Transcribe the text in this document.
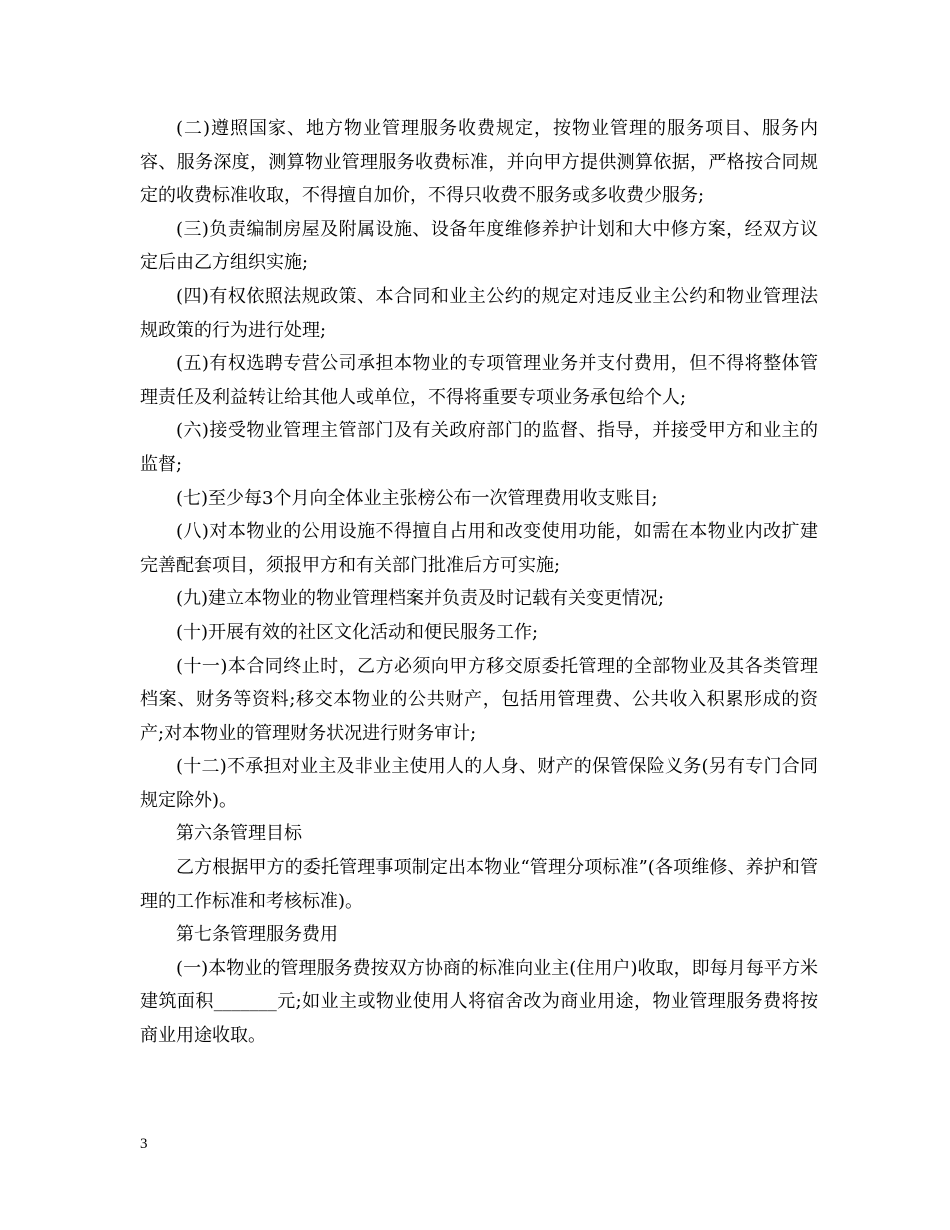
(二)遵照国家、地方物业管理服务收费规定，按物业管理的服务项目、服务内容、服务深度，测算物业管理服务收费标准，并向甲方提供测算依据，严格按合同规定的收费标准收取，不得擅自加价，不得只收费不服务或多收费少服务;

(三)负责编制房屋及附属设施、设备年度维修养护计划和大中修方案，经双方议定后由乙方组织实施;

(四)有权依照法规政策、本合同和业主公约的规定对违反业主公约和物业管理法规政策的行为进行处理;

(五)有权选聘专营公司承担本物业的专项管理业务并支付费用，但不得将整体管理责任及利益转让给其他人或单位，不得将重要专项业务承包给个人;

(六)接受物业管理主管部门及有关政府部门的监督、指导，并接受甲方和业主的监督;

(七)至少每3个月向全体业主张榜公布一次管理费用收支账目;

(八)对本物业的公用设施不得擅自占用和改变使用功能，如需在本物业内改扩建完善配套项目，须报甲方和有关部门批准后方可实施;

(九)建立本物业的物业管理档案并负责及时记载有关变更情况;

(十)开展有效的社区文化活动和便民服务工作;

(十一)本合同终止时，乙方必须向甲方移交原委托管理的全部物业及其各类管理档案、财务等资料;移交本物业的公共财产，包括用管理费、公共收入积累形成的资产;对本物业的管理财务状况进行财务审计;

(十二)不承担对业主及非业主使用人的人身、财产的保管保险义务(另有专门合同规定除外)。

第六条管理目标

乙方根据甲方的委托管理事项制定出本物业“管理分项标准”(各项维修、养护和管理的工作标准和考核标准)。

第七条管理服务费用

(一)本物业的管理服务费按双方协商的标准向业主(住用户)收取，即每月每平方米建筑面积_______元;如业主或物业使用人将宿舍改为商业用途，物业管理服务费将按商业用途收取。

3
